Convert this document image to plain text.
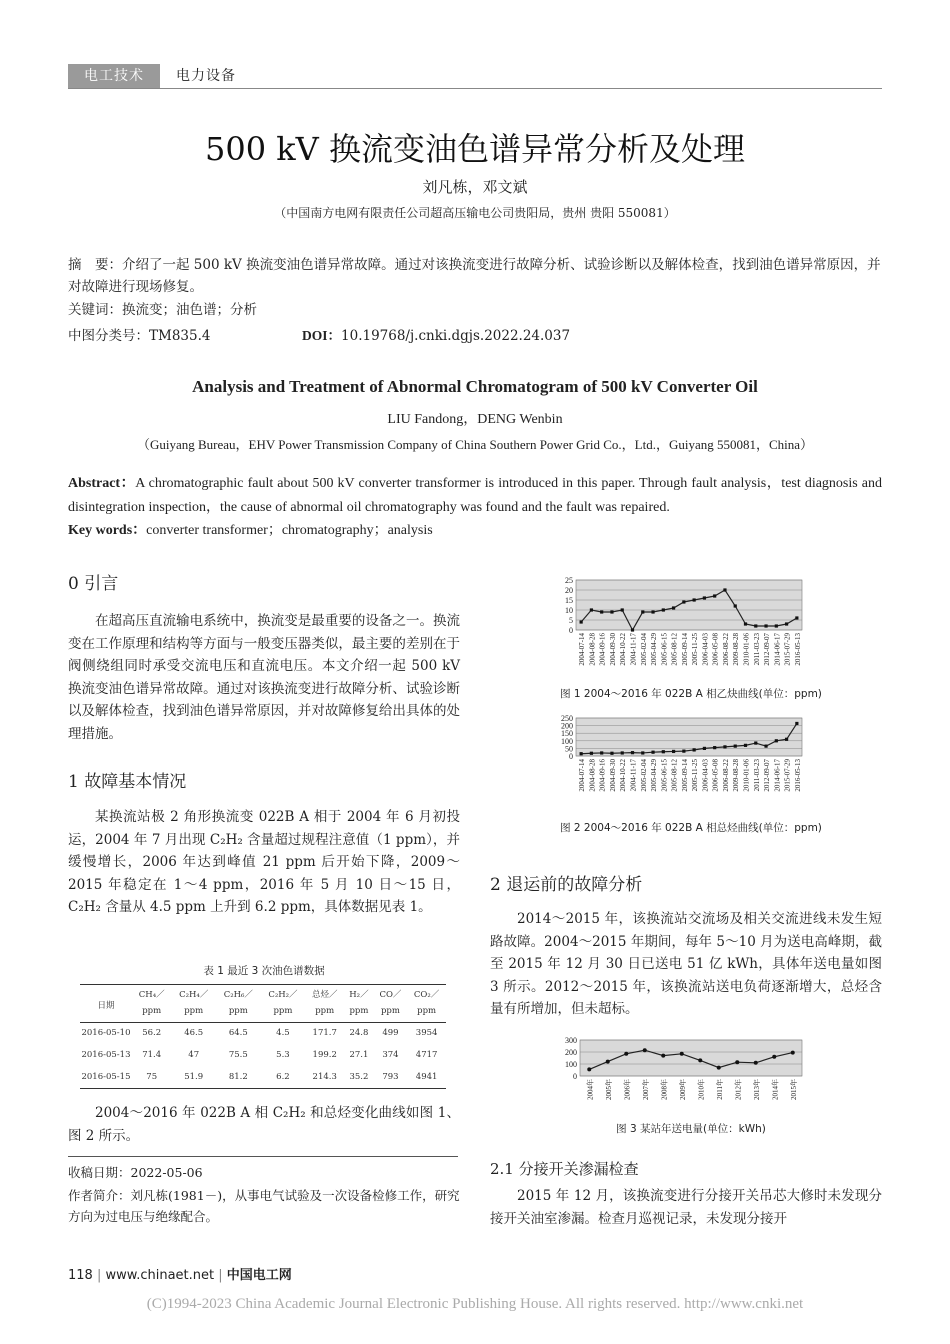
电工技术	电力设备
500 kV 换流变油色谱异常分析及处理
刘凡栋，邓文斌
（中国南方电网有限责任公司超高压输电公司贵阳局，贵州 贵阳 550081）
摘　要：介绍了一起 500 kV 换流变油色谱异常故障。通过对该换流变进行故障分析、试验诊断以及解体检查，找到油色谱异常原因，并对故障进行现场修复。
关键词：换流变；油色谱；分析
中图分类号：TM835.4	DOI：10.19768/j.cnki.dgjs.2022.24.037
Analysis and Treatment of Abnormal Chromatogram of 500 kV Converter Oil
LIU Fandong，DENG Wenbin
（Guiyang Bureau，EHV Power Transmission Company of China Southern Power Grid Co.，Ltd.，Guiyang 550081，China）
Abstract：A chromatographic fault about 500 kV converter transformer is introduced in this paper. Through fault analysis，test diagnosis and disintegration inspection，the cause of abnormal oil chromatography was found and the fault was repaired.
Key words：converter transformer；chromatography；analysis
0 引言
在超高压直流输电系统中，换流变是最重要的设备之一。换流变在工作原理和结构等方面与一般变压器类似，最主要的差别在于阀侧绕组同时承受交流电压和直流电压。本文介绍一起 500 kV 换流变油色谱异常故障。通过对该换流变进行故障分析、试验诊断以及解体检查，找到油色谱异常原因，并对故障修复给出具体的处理措施。
1 故障基本情况
某换流站极 2 角形换流变 022B A 相于 2004 年 6 月初投运，2004 年 7 月出现 C₂H₂ 含量超过规程注意值（1 ppm），并缓慢增长，2006 年达到峰值 21 ppm 后开始下降，2009～2015 年稳定在 1～4 ppm，2016 年 5 月 10 日～15 日，C₂H₂ 含量从 4.5 ppm 上升到 6.2 ppm，具体数据见表 1。
表 1 最近 3 次油色谱数据
日期	CH₄／	C₂H₄／	C₂H₆／	C₂H₂／	总烃／	H₂／	CO／	CO₂／
	ppm	ppm	ppm	ppm	ppm	ppm	ppm	ppm
2016-05-10	56.2	46.5	64.5	4.5	171.7	24.8	499	3954
2016-05-13	71.4	47	75.5	5.3	199.2	27.1	374	4717
2016-05-15	75	51.9	81.2	6.2	214.3	35.2	793	4941
2004～2016 年 022B A 相 C₂H₂ 和总烃变化曲线如图 1、图 2 所示。
收稿日期：2022-05-06
作者简介：刘凡栋(1981－)，从事电气试验及一次设备检修工作，研究方向为过电压与绝缘配合。
118 | www.chinaet.net | 中国电工网
0
5
10
15
20
25
2004-07-14 2004-08-28 2004-09-16 2004-09-30 2004-10-22 2004-11-17 2005-02-04 2005-04-29 2005-06-15 2005-08-12 2005-09-14 2005-11-25 2006-04-03 2006-05-08 2006-08-22 2009-08-28 2010-01-06 2011-03-23 2012-09-07 2014-06-17 2015-07-29 2016-05-13
图 1 2004～2016 年 022B A 相乙炔曲线(单位：ppm)
0
50
100
150
200
250
2004-07-14 2004-08-28 2004-09-16 2004-09-30 2004-10-22 2004-11-17 2005-02-04 2005-04-29 2005-06-15 2005-08-12 2005-09-14 2005-11-25 2006-04-03 2006-05-08 2006-08-22 2009-08-28 2010-01-06 2011-03-23 2012-09-07 2014-06-17 2015-07-29 2016-05-13
图 2 2004～2016 年 022B A 相总烃曲线(单位：ppm)
2 退运前的故障分析
2014～2015 年，该换流站交流场及相关交流进线未发生短路故障。2004～2015 年期间，每年 5～10 月为送电高峰期，截至 2015 年 12 月 30 日已送电 51 亿 kWh，具体年送电量如图 3 所示。2012～2015 年，该换流站送电负荷逐渐增大，总烃含量有所增加，但未超标。
0
100
200
300
2004年 2005年 2006年 2007年 2008年 2009年 2010年 2011年 2012年 2013年 2014年 2015年
图 3 某站年送电量(单位：kWh)
2.1 分接开关渗漏检查
2015 年 12 月，该换流变进行分接开关吊芯大修时未发现分接开关油室渗漏。检查月巡视记录，未发现分接开
(C)1994-2023 China Academic Journal Electronic Publishing House. All rights reserved. http://www.cnki.net
